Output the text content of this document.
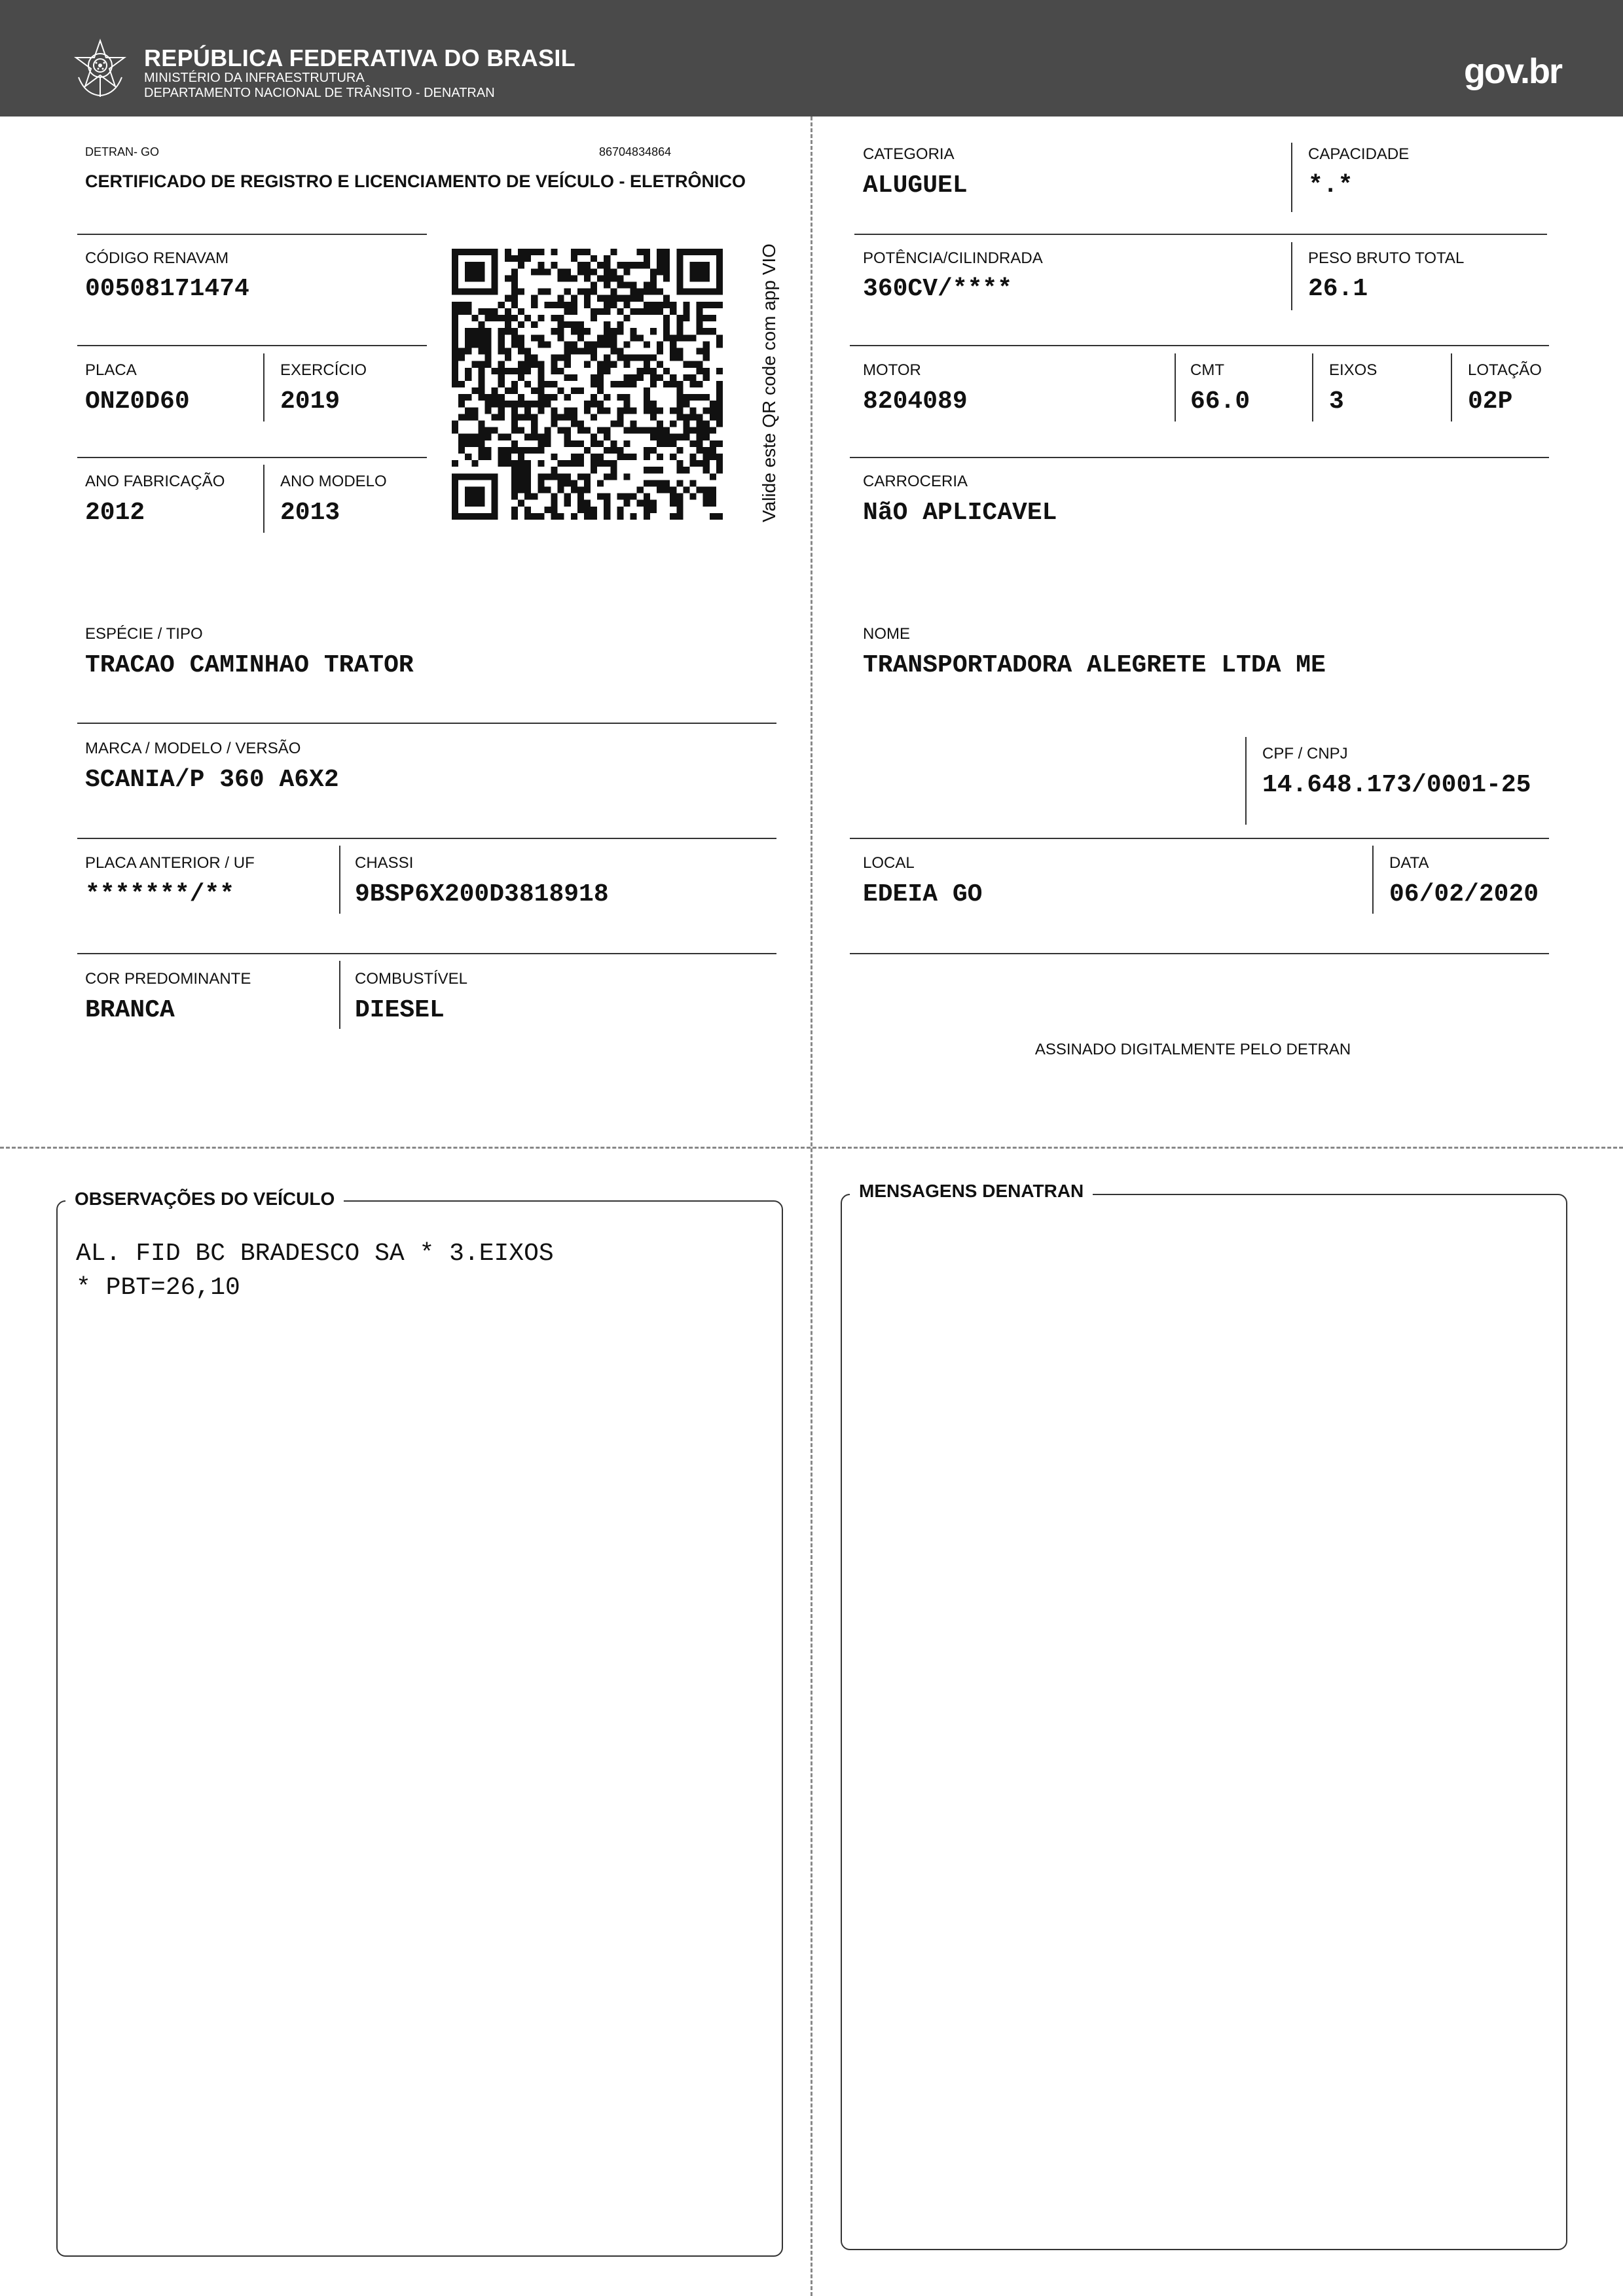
REPÚBLICA FEDERATIVA DO BRASIL
MINISTÉRIO DA INFRAESTRUTURA
DEPARTAMENTO NACIONAL DE TRÂNSITO - DENATRAN
gov.br
DETRAN- GO	86704834864
CERTIFICADO DE REGISTRO E LICENCIAMENTO DE VEÍCULO - ELETRÔNICO
CÓDIGO RENAVAM
00508171474
PLACA
ONZ0D60
EXERCÍCIO
2019
ANO FABRICAÇÃO
2012
ANO MODELO
2013	Valide este QR code com app VIO
ESPÉCIE / TIPO
TRACAO CAMINHAO TRATOR
MARCA / MODELO / VERSÃO
SCANIA/P 360 A6X2
PLACA ANTERIOR / UF
*******/**
CHASSI
9BSP6X200D3818918
COR PREDOMINANTE
BRANCA
COMBUSTÍVEL
DIESEL
CATEGORIA
ALUGUEL
CAPACIDADE
*.*
POTÊNCIA/CILINDRADA
360CV/****
PESO BRUTO TOTAL
26.1
MOTOR
8204089
CMT
66.0
EIXOS
3
LOTAÇÃO
02P
CARROCERIA
NãO APLICAVEL
NOME
TRANSPORTADORA ALEGRETE LTDA ME
CPF / CNPJ
14.648.173/0001-25
LOCAL
EDEIA GO
DATA
06/02/2020
ASSINADO DIGITALMENTE PELO DETRAN
OBSERVAÇÕES DO VEÍCULO
AL. FID BC BRADESCO SA * 3.EIXOS
* PBT=26,10
MENSAGENS DENATRAN
